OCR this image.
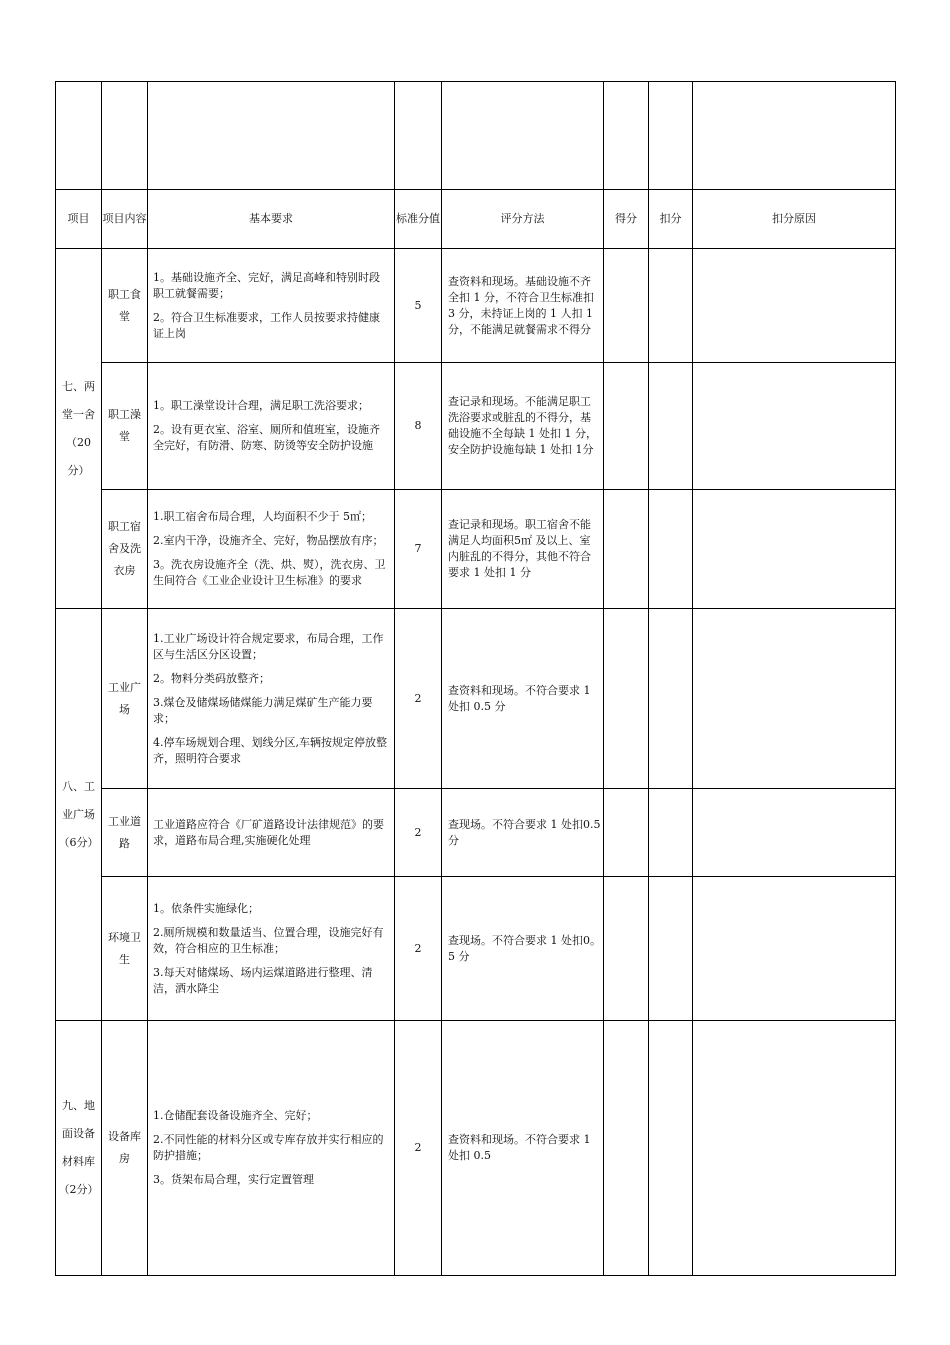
项目	项目内容	基本要求	标准分值	评分方法	得分	扣分	扣分原因
七、两堂一舍（20分）	职工食堂	1。基础设施齐全、完好，满足高峰和特别时段职工就餐需要；

2。符合卫生标准要求，工作人员按要求持健康证上岗	5	查资料和现场。基础设施不齐全扣 1 分，不符合卫生标准扣 3 分，未持证上岗的 1 人扣 1分，不能满足就餐需求不得分			
	职工澡堂	1。职工澡堂设计合理，满足职工洗浴要求；

2。设有更衣室、浴室、厕所和值班室，设施齐全完好，有防滑、防寒、防烫等安全防护设施	8	查记录和现场。不能满足职工洗浴要求或脏乱的不得分，基础设施不全每缺 1 处扣 1 分，安全防护设施每缺 1 处扣 1分			
	职工宿舍及洗衣房	1.职工宿舍布局合理，人均面积不少于 5㎡；

2.室内干净，设施齐全、完好，物品摆放有序；

3。洗衣房设施齐全（洗、烘、熨），洗衣房、卫生间符合《工业企业设计卫生标准》的要求	7	查记录和现场。职工宿舍不能满足人均面积5㎡ 及以上、室内脏乱的不得分，其他不符合要求 1 处扣 1 分			
八、工业广场（6分）	工业广场	1.工业广场设计符合规定要求，布局合理，工作区与生活区分区设置；

2。物料分类码放整齐；

3.煤仓及储煤场储煤能力满足煤矿生产能力要求；

4.停车场规划合理、划线分区,车辆按规定停放整齐，照明符合要求	2	查资料和现场。不符合要求 1处扣 0.5 分			
	工业道路	工业道路应符合《厂矿道路设计法律规范》的要求，道路布局合理,实施硬化处理	2	查现场。不符合要求 1 处扣0.5 分			
	环境卫生	1。依条件实施绿化；

2.厕所规模和数量适当、位置合理，设施完好有效，符合相应的卫生标准；

3.每天对储煤场、场内运煤道路进行整理、清洁，洒水降尘	2	查现场。不符合要求 1 处扣0。5 分			
九、地面设备材料库（2分）	设备库房	1.仓储配套设备设施齐全、完好；

2.不同性能的材料分区或专库存放并实行相应的防护措施；

3。货架布局合理，实行定置管理	2	查资料和现场。不符合要求 1处扣 0.5			
